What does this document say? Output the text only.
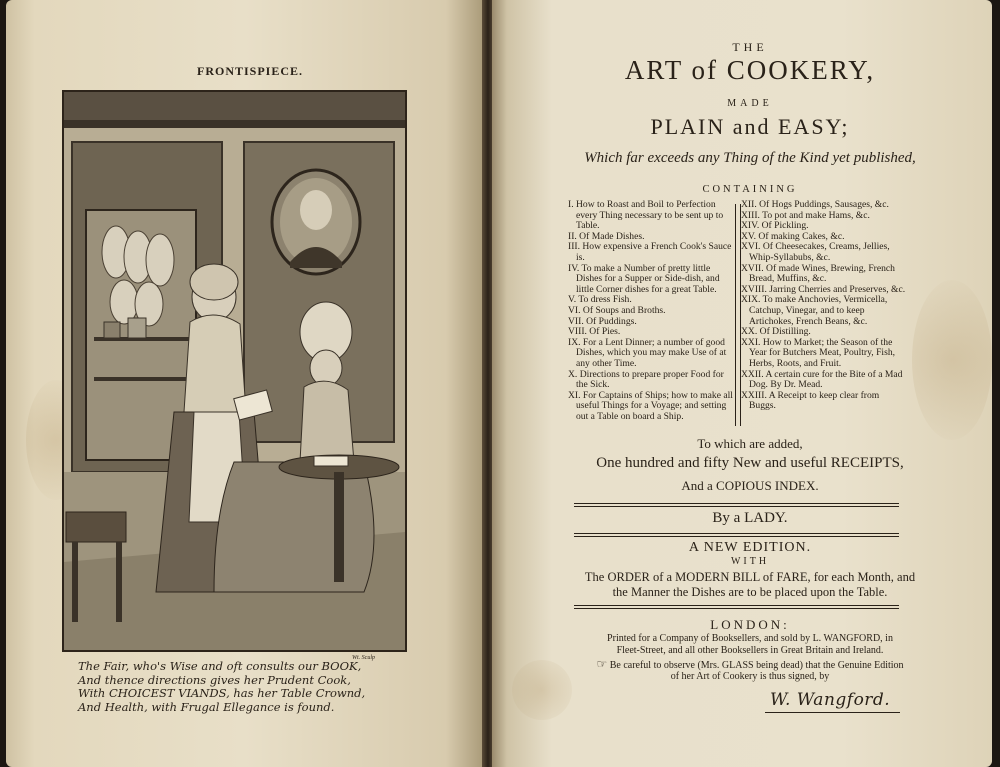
FRONTISPIECE.
Wt. Sculp
The Fair, who's Wise and oft consults our BOOK,
And thence directions gives her Prudent Cook,
With CHOICEST VIANDS, has her Table Crownd,
And Health, with Frugal Ellegance is found.
THE
ART of COOKERY,
MADE
PLAIN and EASY;
Which far exceeds any Thing of the Kind yet published,
CONTAINING
I. How to Roast and Boil to Perfection every Thing necessary to be sent up to Table.
II. Of Made Dishes.
III. How expensive a French Cook's Sauce is.
IV. To make a Number of pretty little Dishes for a Supper or Side-dish, and little Corner dishes for a great Table.
V. To dress Fish.
VI. Of Soups and Broths.
VII. Of Puddings.
VIII. Of Pies.
IX. For a Lent Dinner; a number of good Dishes, which you may make Use of at any other Time.
X. Directions to prepare proper Food for the Sick.
XI. For Captains of Ships; how to make all useful Things for a Voyage; and setting out a Table on board a Ship.
XII. Of Hogs Puddings, Sausages, &c.
XIII. To pot and make Hams, &c.
XIV. Of Pickling.
XV. Of making Cakes, &c.
XVI. Of Cheesecakes, Creams, Jellies, Whip-Syllabubs, &c.
XVII. Of made Wines, Brewing, French Bread, Muffins, &c.
XVIII. Jarring Cherries and Preserves, &c.
XIX. To make Anchovies, Vermicella, Catchup, Vinegar, and to keep Artichokes, French Beans, &c.
XX. Of Distilling.
XXI. How to Market; the Season of the Year for Butchers Meat, Poultry, Fish, Herbs, Roots, and Fruit.
XXII. A certain cure for the Bite of a Mad Dog. By Dr. Mead.
XXIII. A Receipt to keep clear from Buggs.
To which are added,
One hundred and fifty New and useful RECEIPTS,
And a COPIOUS INDEX.
By a LADY.
A NEW EDITION.
WITH
The ORDER of a MODERN BILL of FARE, for each Month, and
the Manner the Dishes are to be placed upon the Table.
LONDON:
Printed for a Company of Booksellers, and sold by L. WANGFORD, in
Fleet-Street, and all other Booksellers in Great Britain and Ireland.
☞ Be careful to observe (Mrs. GLASS being dead) that the Genuine Edition
of her Art of Cookery is thus signed, by
W. Wangford.
